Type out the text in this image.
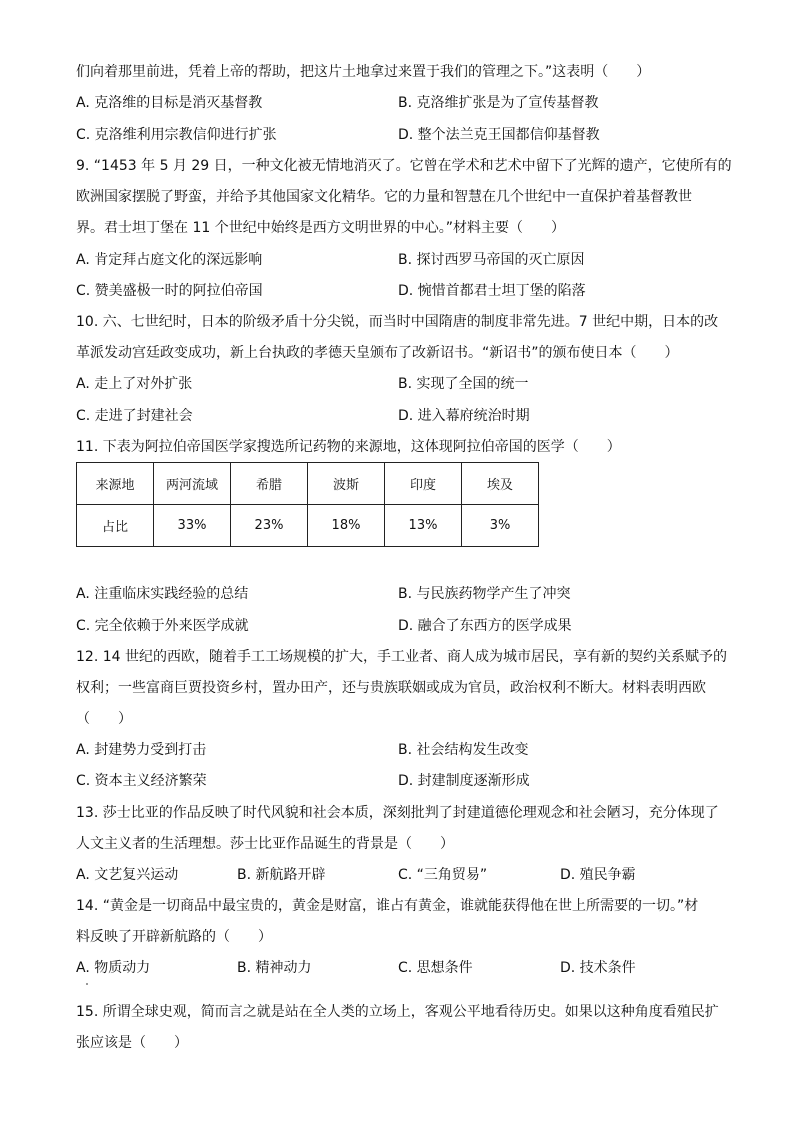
们向着那里前进，凭着上帝的帮助，把这片土地拿过来置于我们的管理之下。”这表明（　　）
A. 克洛维的目标是消灭基督教	B. 克洛维扩张是为了宣传基督教
C. 克洛维利用宗教信仰进行扩张	D. 整个法兰克王国都信仰基督教
9. “1453 年 5 月 29 日，一种文化被无情地消灭了。它曾在学术和艺术中留下了光辉的遗产，它使所有的
欧洲国家摆脱了野蛮，并给予其他国家文化精华。它的力量和智慧在几个世纪中一直保护着基督教世
界。君士坦丁堡在 11 个世纪中始终是西方文明世界的中心。”材料主要（　　）
A. 肯定拜占庭文化的深远影响	B. 探讨西罗马帝国的灭亡原因
C. 赞美盛极一时的阿拉伯帝国	D. 惋惜首都君士坦丁堡的陷落
10. 六、七世纪时，日本的阶级矛盾十分尖锐，而当时中国隋唐的制度非常先进。7 世纪中期，日本的改
革派发动宫廷政变成功，新上台执政的孝德天皇颁布了改新诏书。“新诏书”的颁布使日本（　　）
A. 走上了对外扩张	B. 实现了全国的统一
C. 走进了封建社会	D. 进入幕府统治时期
11. 下表为阿拉伯帝国医学家搜选所记药物的来源地，这体现阿拉伯帝国的医学（　　）
来源地	两河流域	希腊	波斯	印度	埃及
占比	33%	23%	18%	13%	3%
A. 注重临床实践经验的总结	B. 与民族药物学产生了冲突
C. 完全依赖于外来医学成就	D. 融合了东西方的医学成果
12. 14 世纪的西欧，随着手工工场规模的扩大，手工业者、商人成为城市居民，享有新的契约关系赋予的
权利；一些富商巨贾投资乡村，置办田产，还与贵族联姻或成为官员，政治权利不断大。材料表明西欧
（　　）
A. 封建势力受到打击	B. 社会结构发生改变
C. 资本主义经济繁荣	D. 封建制度逐渐形成
13. 莎士比亚的作品反映了时代风貌和社会本质，深刻批判了封建道德伦理观念和社会陋习，充分体现了
人文主义者的生活理想。莎士比亚作品诞生的背景是（　　）
A. 文艺复兴运动	B. 新航路开辟	C. “三角贸易”	D. 殖民争霸
14. “黄金是一切商品中最宝贵的，黄金是财富，谁占有黄金，谁就能获得他在世上所需要的一切。”材
料反映了开辟新航路的（　　）
A. 物质动力	B. 精神动力	C. 思想条件	D. 技术条件
15. 所谓全球史观，简而言之就是站在全人类的立场上，客观公平地看待历史。如果以这种角度看殖民扩
张应该是（　　）
